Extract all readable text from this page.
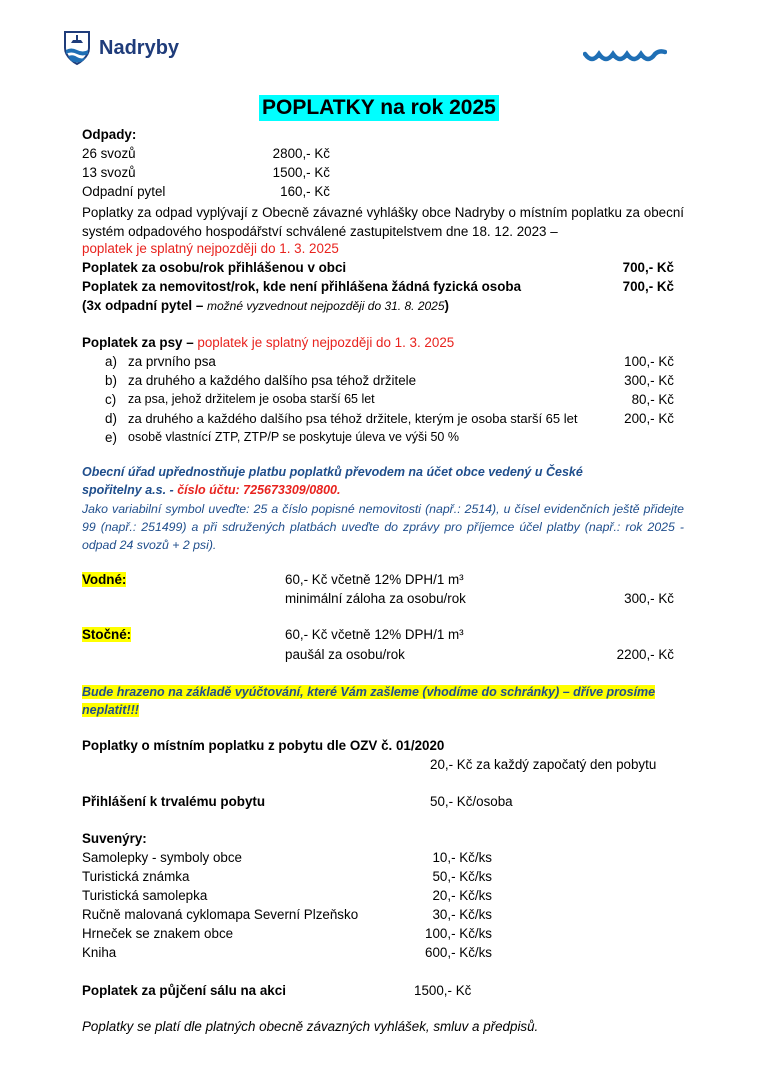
Nadryby
POPLATKY na rok 2025
Odpady:
26 svozů	2800,- Kč
13 svozů	1500,- Kč
Odpadní pytel	160,- Kč
Poplatky za odpad vyplývají z Obecně závazné vyhlášky obce Nadryby o místním poplatku za obecní systém odpadového hospodářství schválené zastupitelstvem dne 18. 12. 2023 –
poplatek je splatný nejpozději do 1. 3. 2025
Poplatek za osobu/rok přihlášenou v obci	700,- Kč
Poplatek za nemovitost/rok, kde není přihlášena žádná fyzická osoba	700,- Kč
(3x odpadní pytel – možné vyzvednout nejpozději do 31. 8. 2025)
Poplatek za psy – poplatek je splatný nejpozději do 1. 3. 2025
a) za prvního psa	100,- Kč
b) za druhého a každého dalšího psa téhož držitele	300,- Kč
c) za psa, jehož držitelem je osoba starší 65 let	80,- Kč
d) za druhého a každého dalšího psa téhož držitele, kterým je osoba starší 65 let	200,- Kč
e) osobě vlastnící ZTP, ZTP/P se poskytuje úleva ve výši 50 %
Obecní úřad upřednostňuje platbu poplatků převodem na účet obce vedený u České
spořitelny a.s. - číslo účtu: 725673309/0800.
Jako variabilní symbol uveďte: 25 a číslo popisné nemovitosti (např.: 2514), u čísel evidenčních ještě přidejte 99 (např.: 251499) a při sdružených platbách uveďte do zprávy pro příjemce účel platby (např.: rok 2025 - odpad 24 svozů + 2 psi).
Vodné:	60,- Kč včetně 12% DPH/1 m³
minimální záloha za osobu/rok	300,- Kč
Stočné:	60,- Kč včetně 12% DPH/1 m³
paušál za osobu/rok	2200,- Kč
Bude hrazeno na základě vyúčtování, které Vám zašleme (vhodíme do schránky) – dříve prosíme neplatit!!!
Poplatky o místním poplatku z pobytu dle OZV č. 01/2020
20,- Kč za každý započatý den pobytu
Přihlášení k trvalému pobytu	50,- Kč/osoba
Suvenýry:
Samolepky - symboly obce	10,- Kč/ks
Turistická známka	50,- Kč/ks
Turistická samolepka	20,- Kč/ks
Ručně malovaná cyklomapa Severní Plzeňsko	30,- Kč/ks
Hrneček se znakem obce	100,- Kč/ks
Kniha	600,- Kč/ks
Poplatek za půjčení sálu na akci	1500,- Kč
Poplatky se platí dle platných obecně závazných vyhlášek, smluv a předpisů.
